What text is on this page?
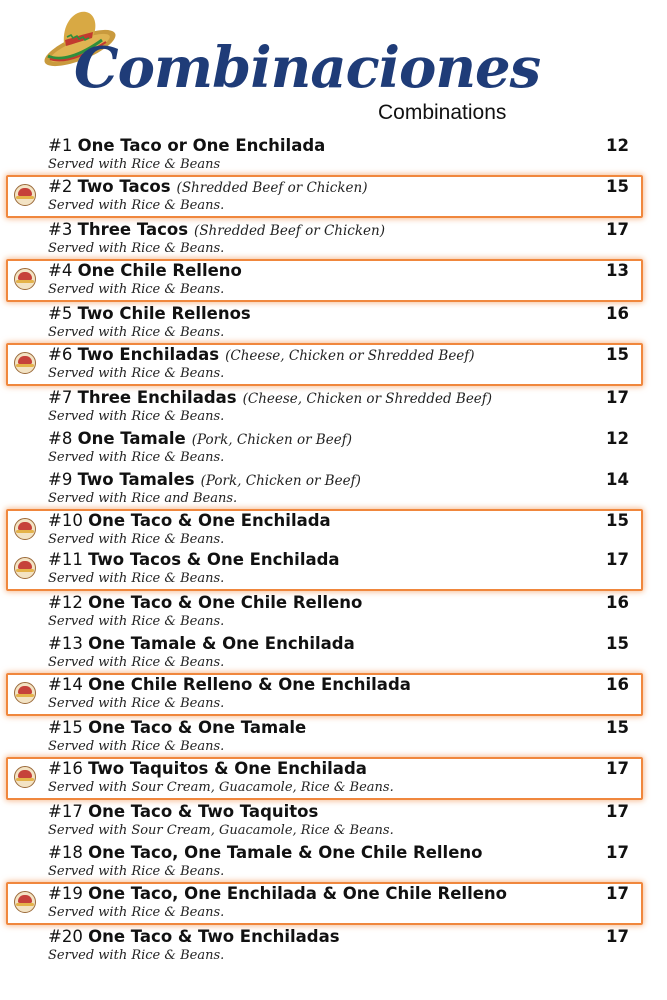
Combinaciones
Combinations
#1 One Taco or One Enchilada	12
Served with Rice & Beans
#2 Two Tacos (Shredded Beef or Chicken)	15
Served with Rice & Beans.
#3 Three Tacos (Shredded Beef or Chicken)	17
Served with Rice & Beans.
#4 One Chile Relleno	13
Served with Rice & Beans.
#5 Two Chile Rellenos	16
Served with Rice & Beans.
#6 Two Enchiladas (Cheese, Chicken or Shredded Beef)	15
Served with Rice & Beans.
#7 Three Enchiladas (Cheese, Chicken or Shredded Beef)	17
Served with Rice & Beans.
#8 One Tamale (Pork, Chicken or Beef)	12
Served with Rice & Beans.
#9 Two Tamales (Pork, Chicken or Beef)	14
Served with Rice and Beans.
#10 One Taco & One Enchilada	15
Served with Rice & Beans.
#11 Two Tacos & One Enchilada	17
Served with Rice & Beans.
#12 One Taco & One Chile Relleno	16
Served with Rice & Beans.
#13 One Tamale & One Enchilada	15
Served with Rice & Beans.
#14 One Chile Relleno & One Enchilada	16
Served with Rice & Beans.
#15 One Taco & One Tamale	15
Served with Rice & Beans.
#16 Two Taquitos & One Enchilada	17
Served with Sour Cream, Guacamole, Rice & Beans.
#17 One Taco & Two Taquitos	17
Served with Sour Cream, Guacamole, Rice & Beans.
#18 One Taco, One Tamale & One Chile Relleno	17
Served with Rice & Beans.
#19 One Taco, One Enchilada & One Chile Relleno	17
Served with Rice & Beans.
#20 One Taco & Two Enchiladas	17
Served with Rice & Beans.
